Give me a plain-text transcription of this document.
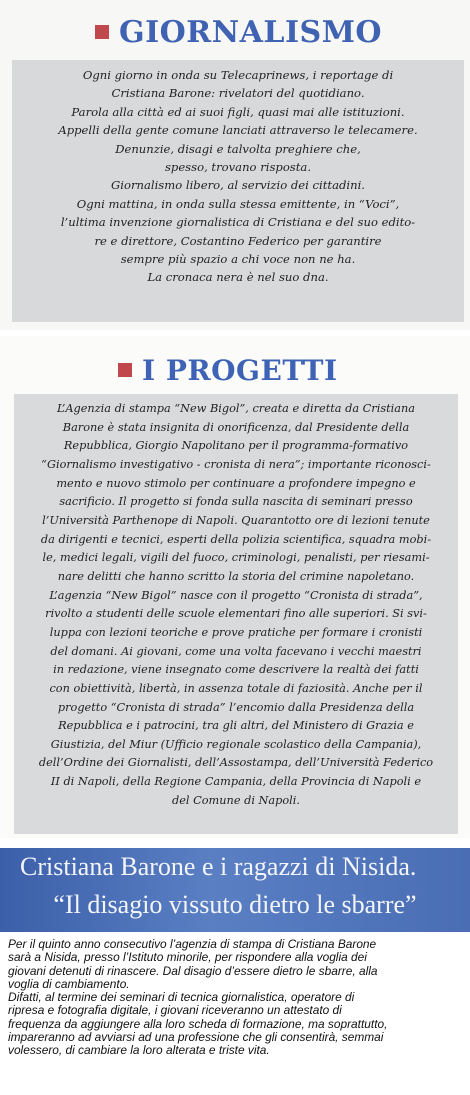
GIORNALISMO
Ogni giorno in onda su Telecaprinews, i reportage di
Cristiana Barone: rivelatori del quotidiano.
Parola alla città ed ai suoi figli, quasi mai alle istituzioni.
Appelli della gente comune lanciati attraverso le telecamere.
Denunzie, disagi e talvolta preghiere che,
spesso, trovano risposta.
Giornalismo libero, al servizio dei cittadini.
Ogni mattina, in onda sulla stessa emittente, in “Voci”,
l’ultima invenzione giornalistica di Cristiana e del suo edito-
re e direttore, Costantino Federico per garantire
sempre più spazio a chi voce non ne ha.
La cronaca nera è nel suo dna.
I PROGETTI
L’Agenzia di stampa “New Bigol”, creata e diretta da Cristiana
Barone è stata insignita di onorificenza, dal Presidente della
Repubblica, Giorgio Napolitano per il programma-formativo
“Giornalismo investigativo - cronista di nera”; importante riconosci-
mento e nuovo stimolo per continuare a profondere impegno e
sacrificio. Il progetto si fonda sulla nascita di seminari presso
l’Università Parthenope di Napoli. Quarantotto ore di lezioni tenute
da dirigenti e tecnici, esperti della polizia scientifica, squadra mobi-
le, medici legali, vigili del fuoco, criminologi, penalisti, per riesami-
nare delitti che hanno scritto la storia del crimine napoletano.
L’agenzia “New Bigol” nasce con il progetto “Cronista di strada”,
rivolto a studenti delle scuole elementari fino alle superiori. Si svi-
luppa con lezioni teoriche e prove pratiche per formare i cronisti
del domani. Ai giovani, come una volta facevano i vecchi maestri
in redazione, viene insegnato come descrivere la realtà dei fatti
con obiettività, libertà, in assenza totale di faziosità. Anche per il
progetto “Cronista di strada” l’encomio dalla Presidenza della
Repubblica e i patrocini, tra gli altri, del Ministero di Grazia e
Giustizia, del Miur (Ufficio regionale scolastico della Campania),
dell’Ordine dei Giornalisti, dell’Assostampa, dell’Università Federico
II di Napoli, della Regione Campania, della Provincia di Napoli e
del Comune di Napoli.
Cristiana Barone e i ragazzi di Nisida.
“Il disagio vissuto dietro le sbarre”
Per il quinto anno consecutivo l’agenzia di stampa di Cristiana Barone
sarà a Nisida, presso l’Istituto minorile, per rispondere alla voglia dei
giovani detenuti di rinascere. Dal disagio d’essere dietro le sbarre, alla
voglia di cambiamento.
Difatti, al termine dei seminari di tecnica giornalistica, operatore di
ripresa e fotografia digitale, i giovani riceveranno un attestato di
frequenza da aggiungere alla loro scheda di formazione, ma soprattutto,
impareranno ad avviarsi ad una professione che gli consentirà, semmai
volessero, di cambiare la loro alterata e triste vita.
